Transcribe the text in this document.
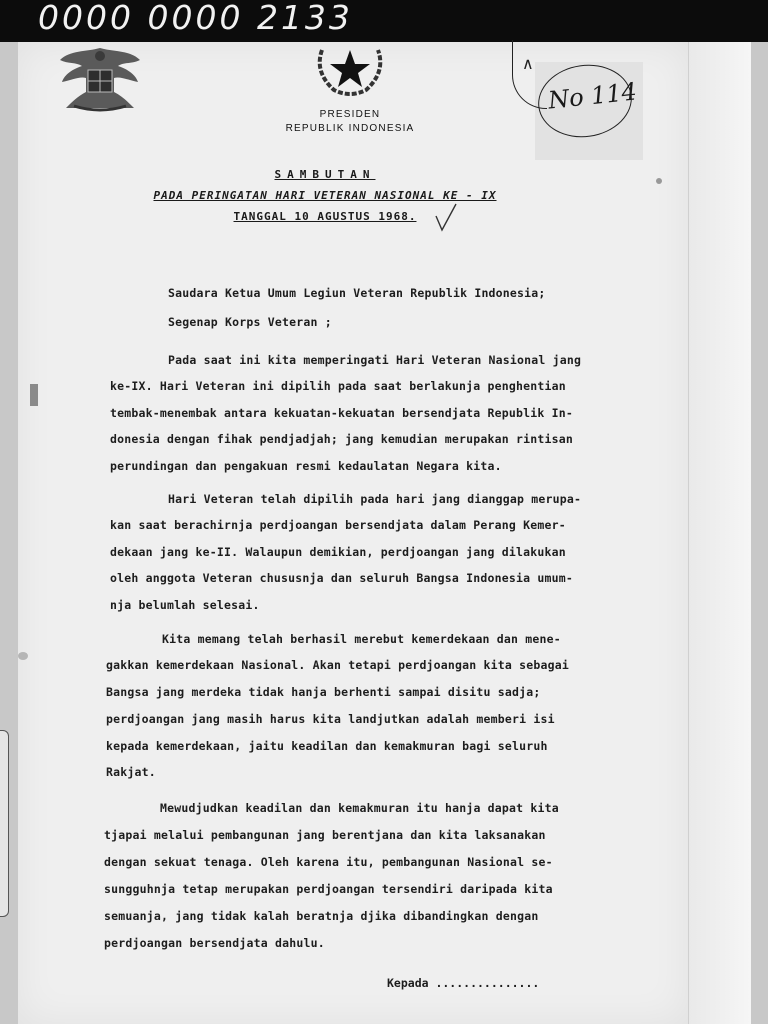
0000 0000 2133
PRESIDEN
REPUBLIK INDONESIA
∧
No 114
SAMBUTAN
PADA PERINGATAN HARI VETERAN NASIONAL KE - IX
TANGGAL 10 AGUSTUS 1968.
Saudara Ketua Umum Legiun Veteran Republik Indonesia;
Segenap Korps Veteran ;
Pada saat ini kita memperingati Hari Veteran Nasional jang
ke-IX. Hari Veteran ini dipilih pada saat berlakunja penghentian
tembak-menembak antara kekuatan-kekuatan bersendjata Republik In-
donesia dengan fihak pendjadjah; jang kemudian merupakan rintisan
perundingan dan pengakuan resmi kedaulatan Negara kita.
Hari Veteran telah dipilih pada hari jang dianggap merupa-
kan saat berachirnja perdjoangan bersendjata dalam Perang Kemer-
dekaan jang ke-II. Walaupun demikian, perdjoangan jang dilakukan
oleh anggota Veteran chususnja dan seluruh Bangsa Indonesia umum-
nja belumlah selesai.
Kita memang telah berhasil merebut kemerdekaan dan mene-
gakkan kemerdekaan Nasional. Akan tetapi perdjoangan kita sebagai
Bangsa jang merdeka tidak hanja berhenti sampai disitu sadja;
perdjoangan jang masih harus kita landjutkan adalah memberi isi
kepada kemerdekaan, jaitu keadilan dan kemakmuran bagi seluruh
Rakjat.
Mewudjudkan keadilan dan kemakmuran itu hanja dapat kita
tjapai melalui pembangunan jang berentjana dan kita laksanakan
dengan sekuat tenaga. Oleh karena itu, pembangunan Nasional se-
sungguhnja tetap merupakan perdjoangan tersendiri daripada kita
semuanja, jang tidak kalah beratnja djika dibandingkan dengan
perdjoangan bersendjata dahulu.
Kepada ...............
